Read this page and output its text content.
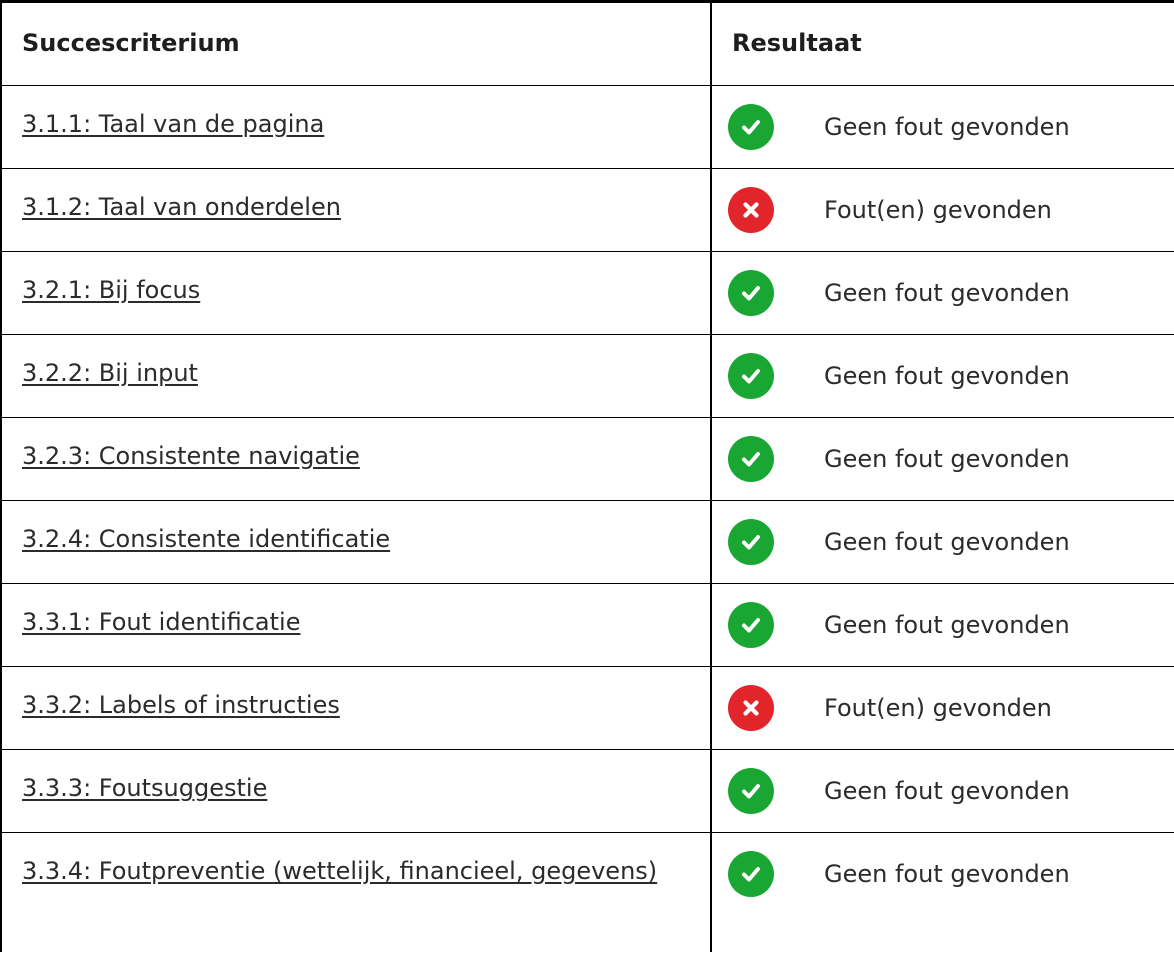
Succescriterium	Resultaat

3.1.1: Taal van de pagina	Geen fout gevonden

3.1.2: Taal van onderdelen	Fout(en) gevonden

3.2.1: Bij focus	Geen fout gevonden

3.2.2: Bij input	Geen fout gevonden

3.2.3: Consistente navigatie	Geen fout gevonden

3.2.4: Consistente identificatie	Geen fout gevonden

3.3.1: Fout identificatie	Geen fout gevonden

3.3.2: Labels of instructies	Fout(en) gevonden

3.3.3: Foutsuggestie	Geen fout gevonden

3.3.4: Foutpreventie (wettelijk, financieel, gegevens)	Geen fout gevonden
